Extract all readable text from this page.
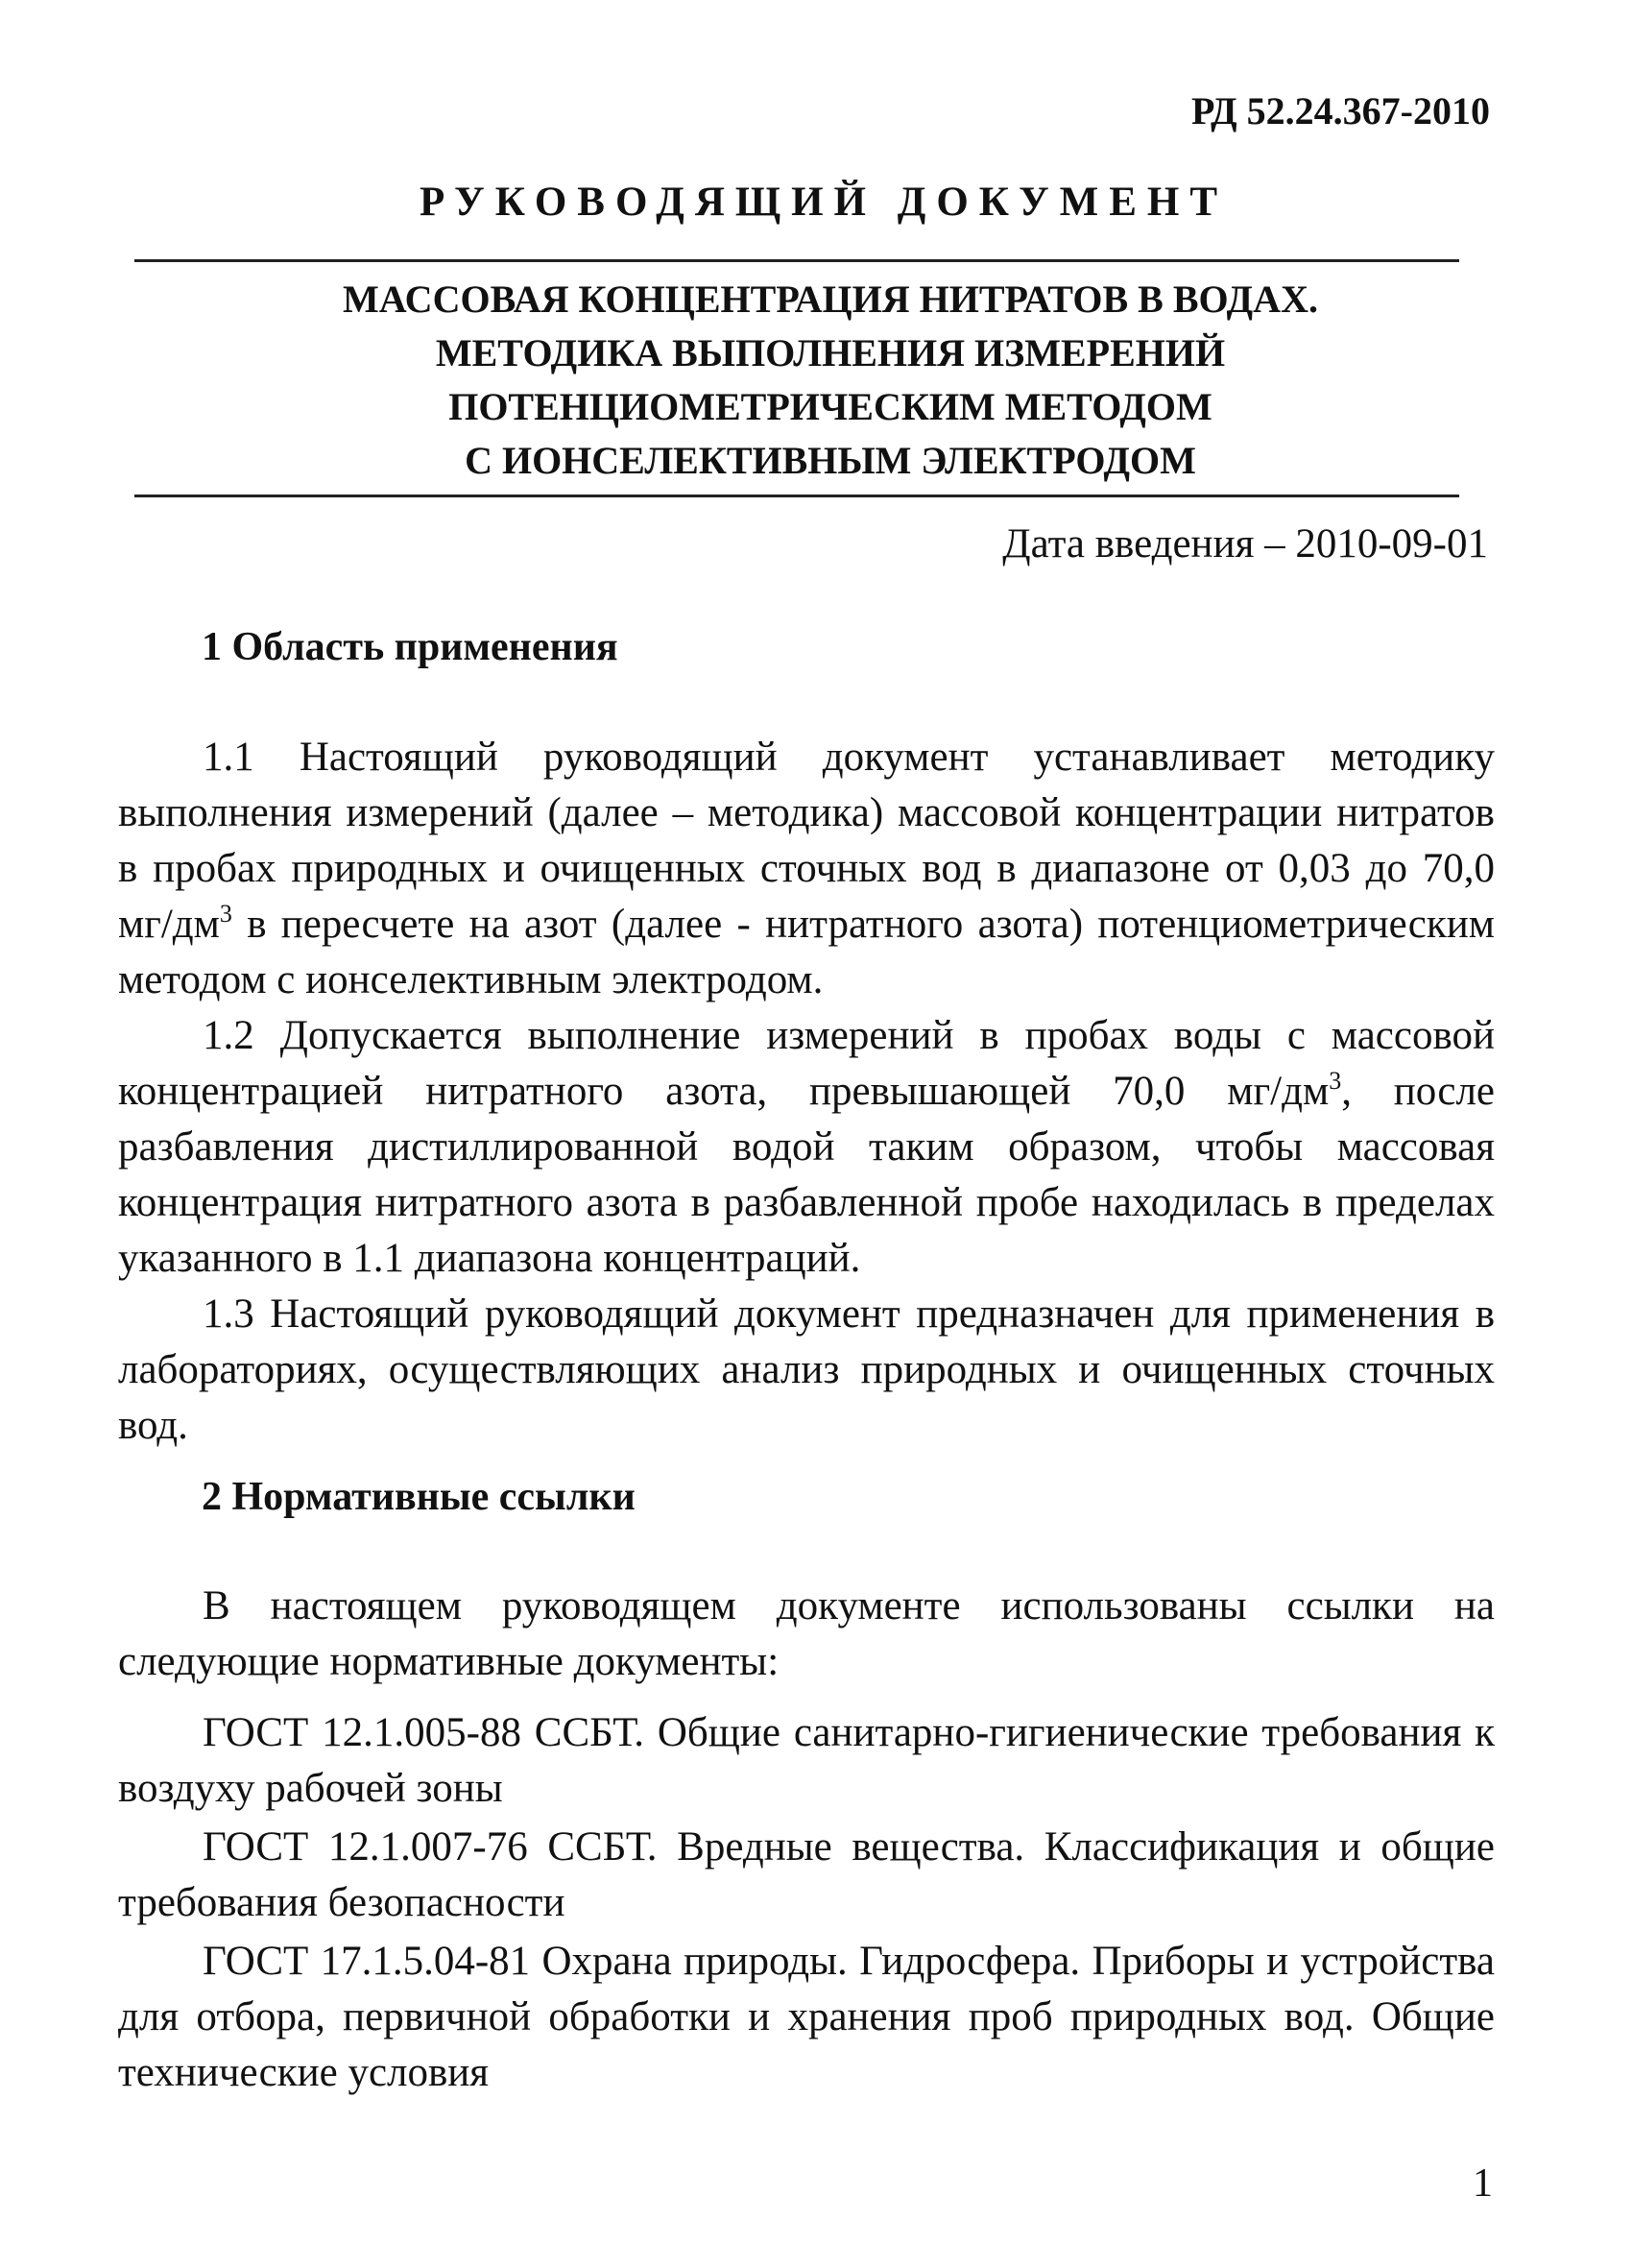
РД 52.24.367-2010
РУКОВОДЯЩИЙ ДОКУМЕНТ
МАССОВАЯ КОНЦЕНТРАЦИЯ НИТРАТОВ В ВОДАХ.
МЕТОДИКА ВЫПОЛНЕНИЯ ИЗМЕРЕНИЙ
ПОТЕНЦИОМЕТРИЧЕСКИМ МЕТОДОМ
С ИОНСЕЛЕКТИВНЫМ ЭЛЕКТРОДОМ
Дата введения – 2010-09-01
1 Область применения

1.1 Настоящий руководящий документ устанавливает методику выполнения измерений (далее – методика) массовой концентрации нитратов в пробах природных и очищенных сточных вод в диапазоне от 0,03 до 70,0 $мг/дм^3$ в пересчете на азот (далее - нитратного азота) потенциометрическим методом с ионселективным электродом.

1.2 Допускается выполнение измерений в пробах воды с массовой концентрацией нитратного азота, превышающей 70,0 $мг/дм^3$, после разбавления дистиллированной водой таким образом, чтобы массовая концентрация нитратного азота в разбавленной пробе находилась в пределах указанного в 1.1 диапазона концентраций.

1.3 Настоящий руководящий документ предназначен для применения в лабораториях, осуществляющих анализ природных и очищенных сточных вод.

2 Нормативные ссылки

В настоящем руководящем документе использованы ссылки на следующие нормативные документы:

ГОСТ 12.1.005-88 ССБТ. Общие санитарно-гигиенические требования к воздуху рабочей зоны

ГОСТ 12.1.007-76 ССБТ. Вредные вещества. Классификация и общие требования безопасности

ГОСТ 17.1.5.04-81 Охрана природы. Гидросфера. Приборы и устройства для отбора, первичной обработки и хранения проб природных вод. Общие технические условия

1
